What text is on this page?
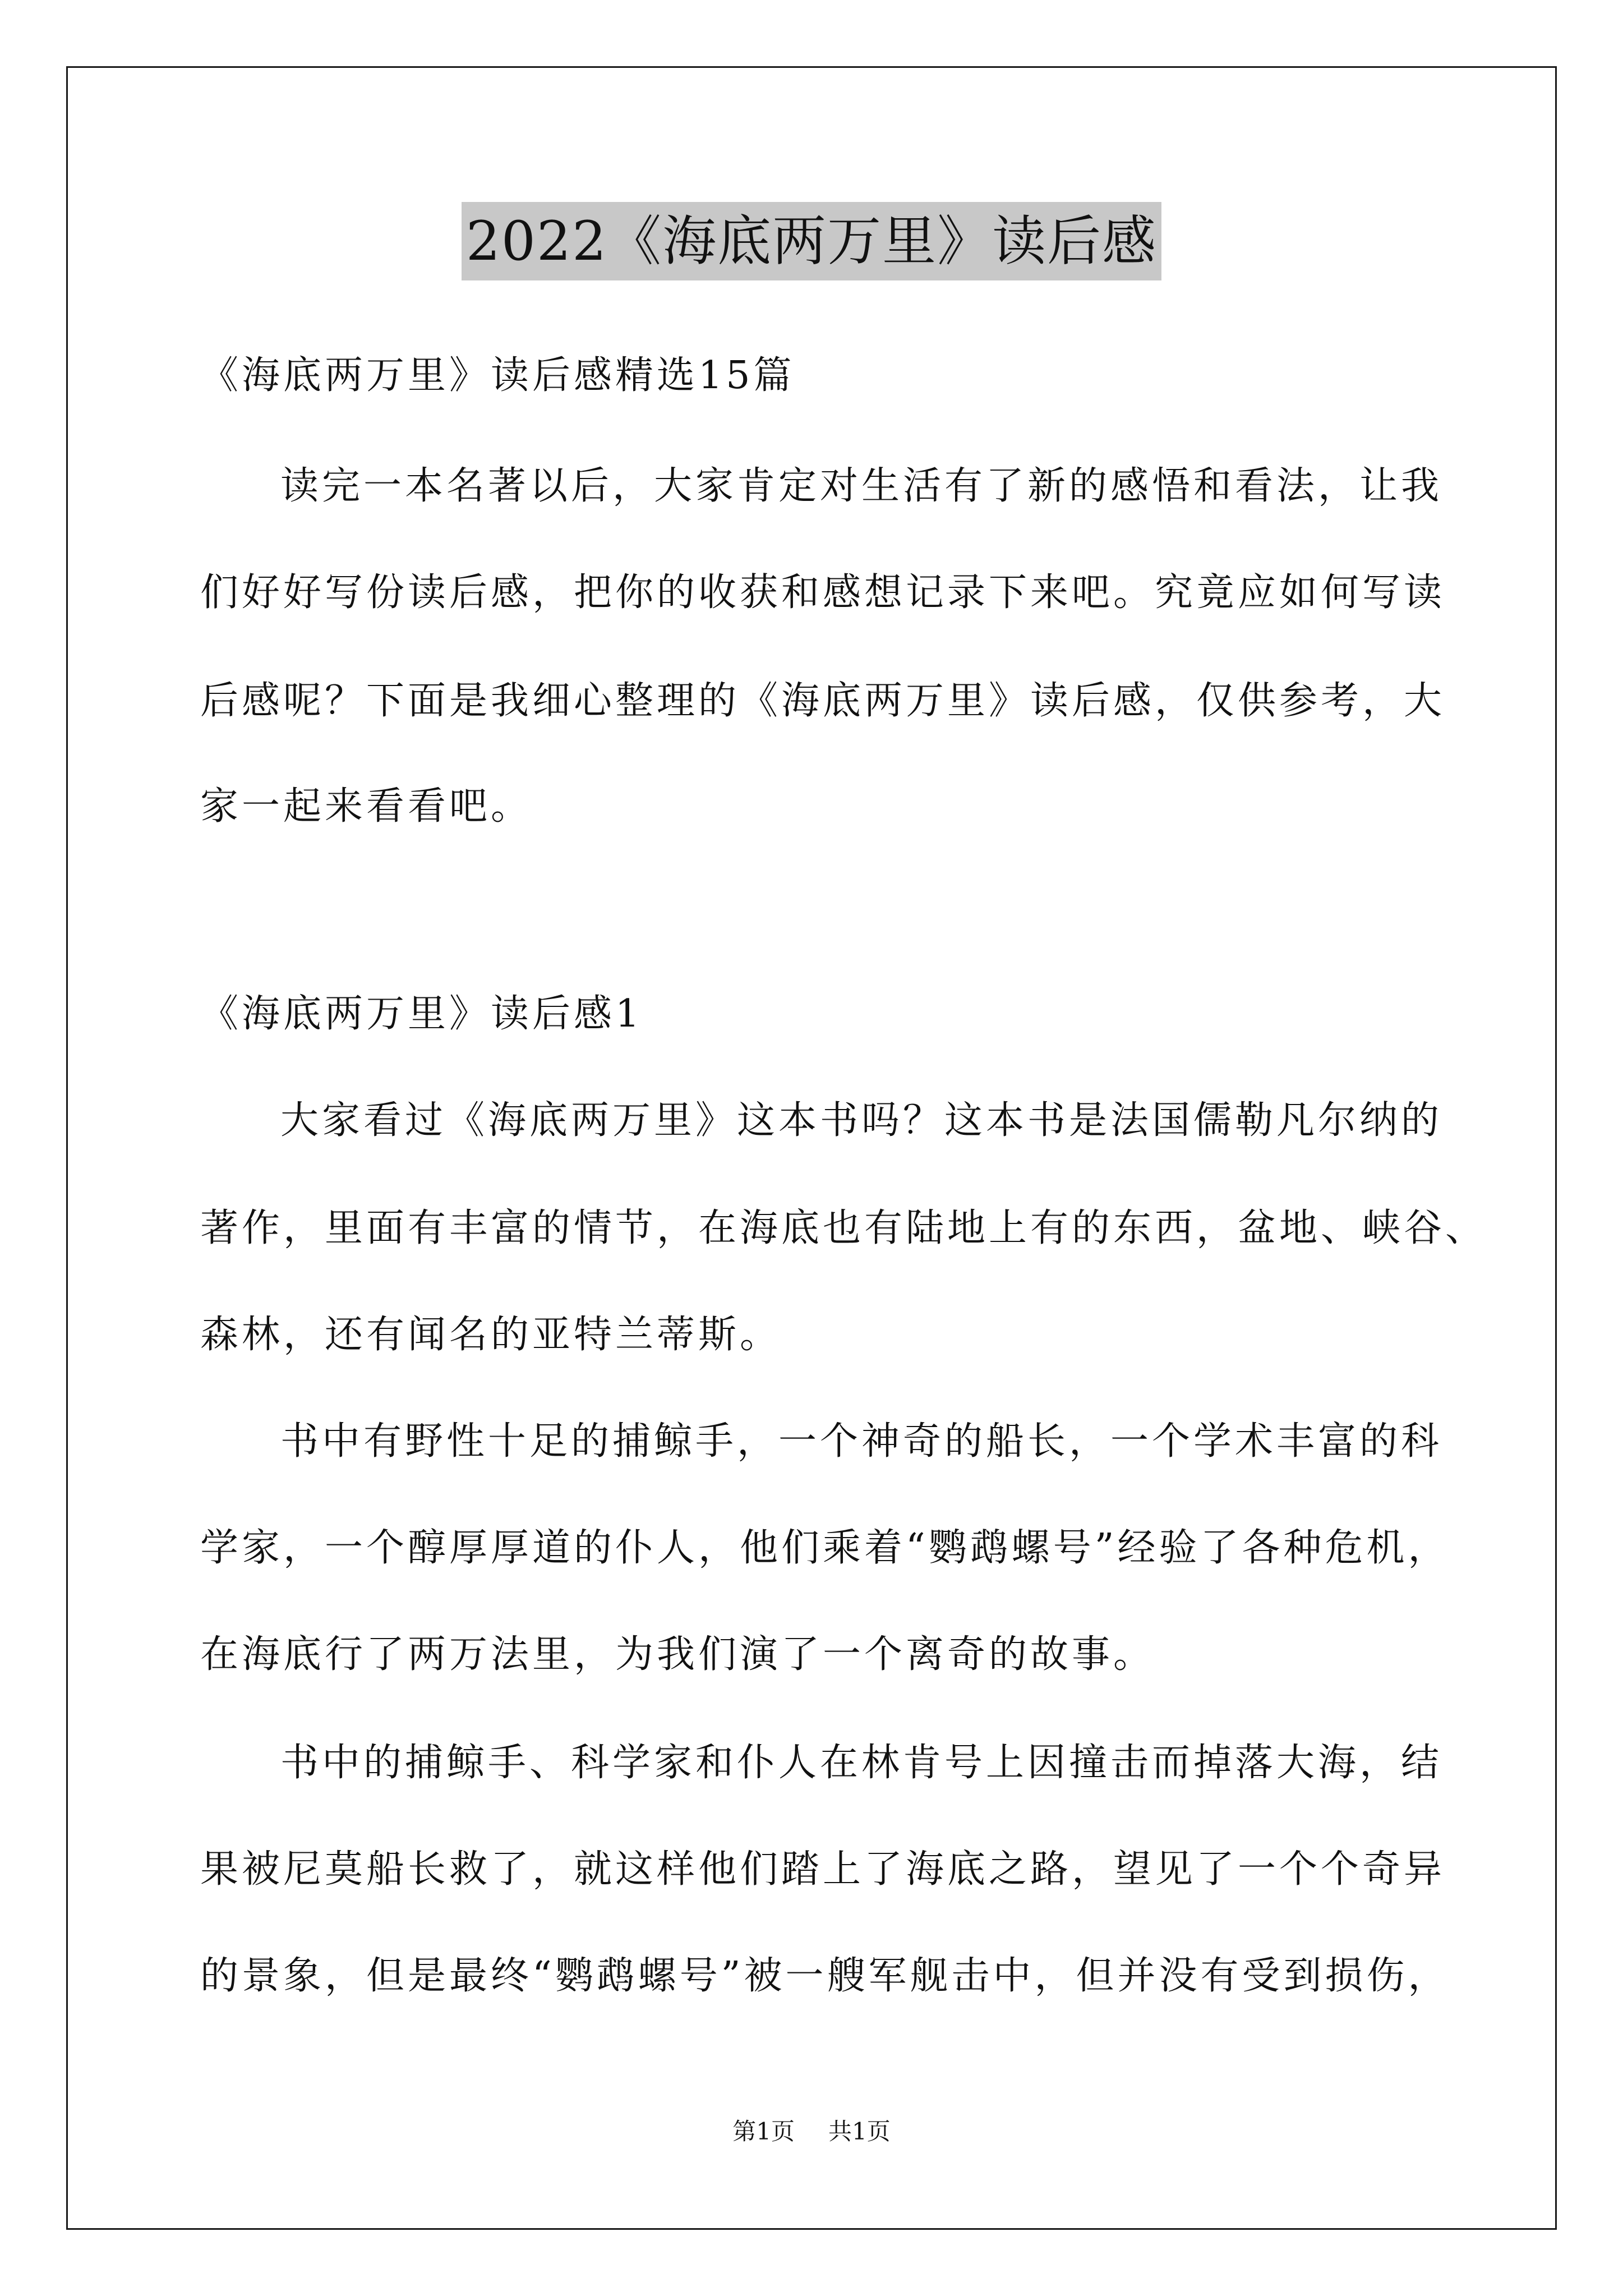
2022《海底两万里》读后感
《海底两万里》读后感精选15篇
读完一本名著以后，大家肯定对生活有了新的感悟和看法，让我
们好好写份读后感，把你的收获和感想记录下来吧。究竟应如何写读
后感呢？下面是我细心整理的《海底两万里》读后感，仅供参考，大
家一起来看看吧。
《海底两万里》读后感1
大家看过《海底两万里》这本书吗？这本书是法国儒勒凡尔纳的
著作，里面有丰富的情节，在海底也有陆地上有的东西，盆地、峡谷、
森林，还有闻名的亚特兰蒂斯。
书中有野性十足的捕鲸手，一个神奇的船长，一个学术丰富的科
学家，一个醇厚厚道的仆人，他们乘着“鹦鹉螺号”经验了各种危机，
在海底行了两万法里，为我们演了一个离奇的故事。
书中的捕鲸手、科学家和仆人在林肯号上因撞击而掉落大海，结
果被尼莫船长救了，就这样他们踏上了海底之路，望见了一个个奇异
的景象，但是最终“鹦鹉螺号”被一艘军舰击中，但并没有受到损伤，
第1页 共1页
